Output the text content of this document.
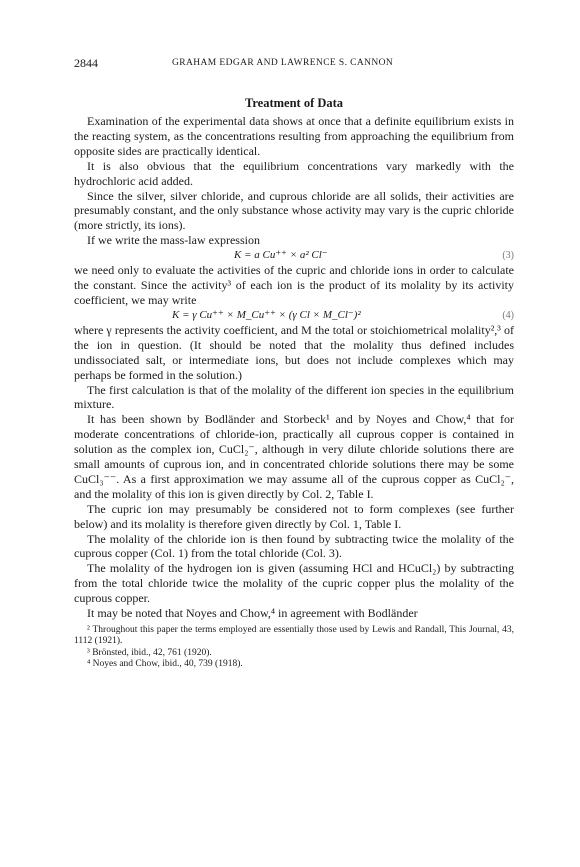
2844	GRAHAM EDGAR AND LAWRENCE S. CANNON
Treatment of Data

Examination of the experimental data shows at once that a definite equilibrium exists in the reacting system, as the concentrations resulting from approaching the equilibrium from opposite sides are practically identical.

It is also obvious that the equilibrium concentrations vary markedly with the hydrochloric acid added.

Since the silver, silver chloride, and cuprous chloride are all solids, their activities are presumably constant, and the only substance whose activity may vary is the cupric chloride (more strictly, its ions).

If we write the mass-law expression

K = a Cu⁺⁺ × a² Cl⁻	(3)

we need only to evaluate the activities of the cupric and chloride ions in order to calculate the constant. Since the activity³ of each ion is the product of its molality by its activity coefficient, we may write

K = γ Cu⁺⁺ × M_Cu⁺⁺ × (γ Cl × M_Cl⁻)²	(4)

where γ represents the activity coefficient, and M the total or stoichiometrical molality²,³ of the ion in question. (It should be noted that the molality thus defined includes undissociated salt, or intermediate ions, but does not include complexes which may perhaps be formed in the solution.)

The first calculation is that of the molality of the different ion species in the equilibrium mixture.

It has been shown by Bodländer and Storbeck¹ and by Noyes and Chow,⁴ that for moderate concentrations of chloride-ion, practically all cuprous copper is contained in solution as the complex ion, CuCl₂⁻, although in very dilute chloride solutions there are small amounts of cuprous ion, and in concentrated chloride solutions there may be some CuCl₃⁻⁻. As a first approximation we may assume all of the cuprous copper as CuCl₂⁻, and the molality of this ion is given directly by Col. 2, Table I.

The cupric ion may presumably be considered not to form complexes (see further below) and its molality is therefore given directly by Col. 1, Table I.

The molality of the chloride ion is then found by subtracting twice the molality of the cuprous copper (Col. 1) from the total chloride (Col. 3).

The molality of the hydrogen ion is given (assuming HCl and HCuCl₂) by subtracting from the total chloride twice the molality of the cupric copper plus the molality of the cuprous copper.

It may be noted that Noyes and Chow,⁴ in agreement with Bodländer

² Throughout this paper the terms employed are essentially those used by Lewis and Randall, This Journal, 43, 1112 (1921).
³ Brönsted, ibid., 42, 761 (1920).
⁴ Noyes and Chow, ibid., 40, 739 (1918).
